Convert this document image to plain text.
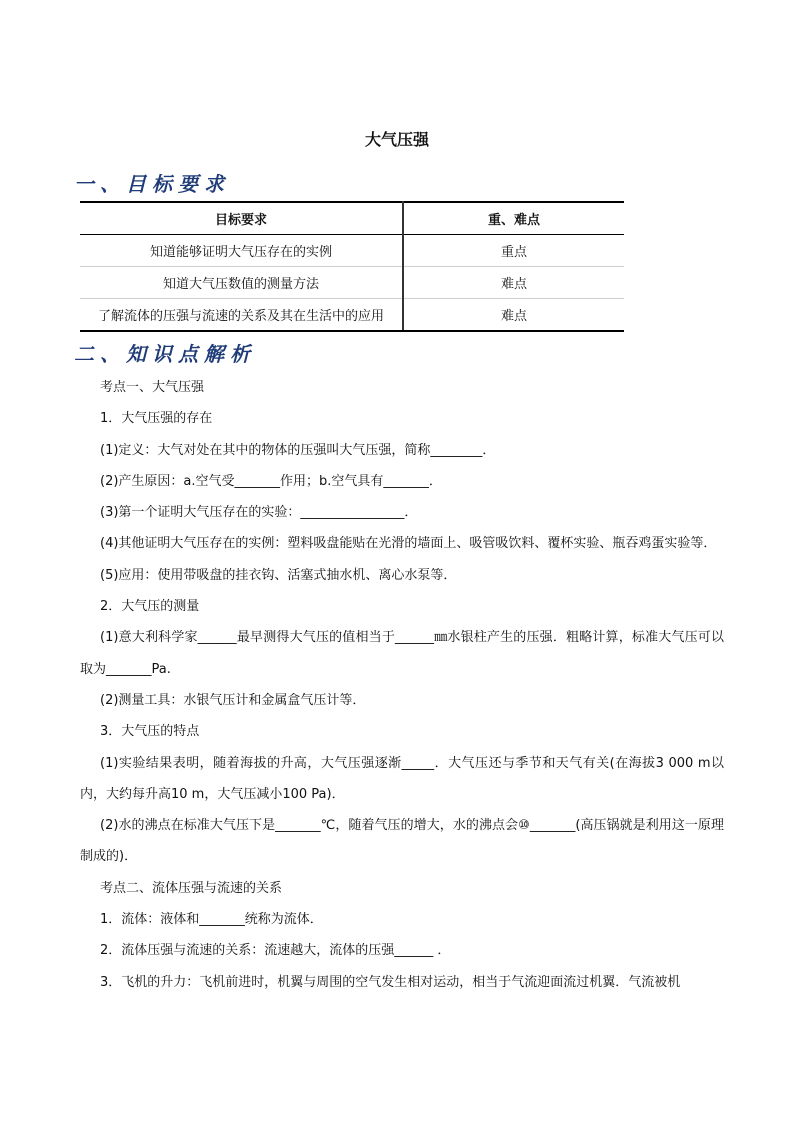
大气压强
一、目标要求
目标要求	重、难点
知道能够证明大气压存在的实例	重点
知道大气压数值的测量方法	难点
了解流体的压强与流速的关系及其在生活中的应用	难点
二、知识点解析

考点一、大气压强

1．大气压强的存在

(1)定义：大气对处在其中的物体的压强叫大气压强，简称________．

(2)产生原因：a.空气受_______作用；b.空气具有_______．

(3)第一个证明大气压存在的实验：________________．

(4)其他证明大气压存在的实例：塑料吸盘能贴在光滑的墙面上、吸管吸饮料、覆杯实验、瓶吞鸡蛋实验等．

(5)应用：使用带吸盘的挂衣钩、活塞式抽水机、离心水泵等．

2．大气压的测量

(1)意大利科学家______最早测得大气压的值相当于______㎜水银柱产生的压强．粗略计算，标准大气压可以取为_______Pa.

(2)测量工具：水银气压计和金属盒气压计等．

3．大气压的特点

(1)实验结果表明，随着海拔的升高，大气压强逐渐_____．大气压还与季节和天气有关(在海拔3 000 m以内，大约每升高10 m，大气压减小100 Pa)．

(2)水的沸点在标准大气压下是_______℃，随着气压的增大，水的沸点会⑩_______(高压锅就是利用这一原理制成的)．

考点二、流体压强与流速的关系

1．流体：液体和_______统称为流体．

2．流体压强与流速的关系：流速越大，流体的压强______ ．

3．飞机的升力：飞机前进时，机翼与周围的空气发生相对运动，相当于气流迎面流过机翼．气流被机
